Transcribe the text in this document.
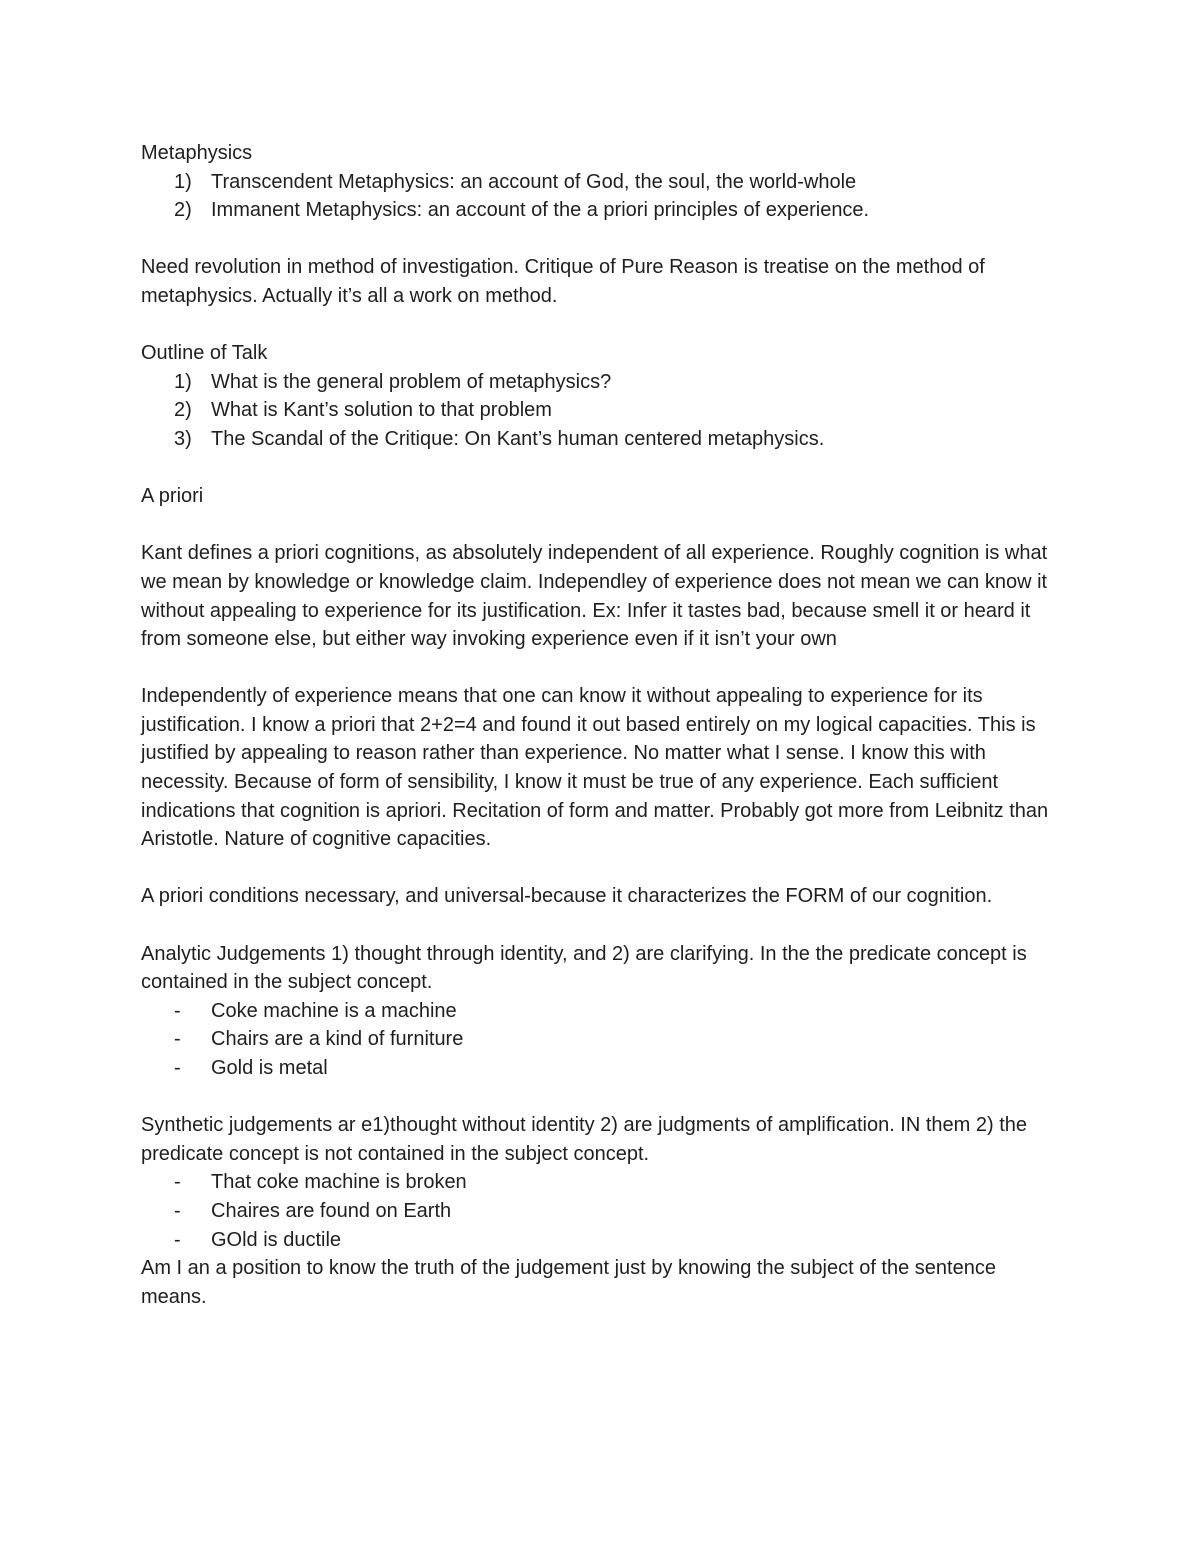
Metaphysics

1) Transcendent Metaphysics: an account of God, the soul, the world-whole
2) Immanent Metaphysics: an account of the a priori principles of experience.

Need revolution in method of investigation. Critique of Pure Reason is treatise on the method of metaphysics. Actually it’s all a work on method.

Outline of Talk

1) What is the general problem of metaphysics?
2) What is Kant’s solution to that problem
3) The Scandal of the Critique: On Kant’s human centered metaphysics.

A priori

Kant defines a priori cognitions, as absolutely independent of all experience. Roughly cognition is what we mean by knowledge or knowledge claim. Independley of experience does not mean we can know it without appealing to experience for its justification. Ex: Infer it tastes bad, because smell it or heard it from someone else, but either way invoking experience even if it isn’t your own

Independently of experience means that one can know it without appealing to experience for its justification. I know a priori that 2+2=4 and found it out based entirely on my logical capacities. This is justified by appealing to reason rather than experience. No matter what I sense. I know this with necessity. Because of form of sensibility, I know it must be true of any experience. Each sufficient indications that cognition is apriori. Recitation of form and matter. Probably got more from Leibnitz than Aristotle. Nature of cognitive capacities.

A priori conditions necessary, and universal-because it characterizes the FORM of our cognition.

Analytic Judgements 1) thought through identity, and 2) are clarifying. In the the predicate concept is contained in the subject concept.

- Coke machine is a machine
- Chairs are a kind of furniture
- Gold is metal

Synthetic judgements ar e1)thought without identity 2) are judgments of amplification. IN them 2) the predicate concept is not contained in the subject concept.

- That coke machine is broken
- Chaires are found on Earth
- GOld is ductile

Am I an a position to know the truth of the judgement just by knowing the subject of the sentence means.
